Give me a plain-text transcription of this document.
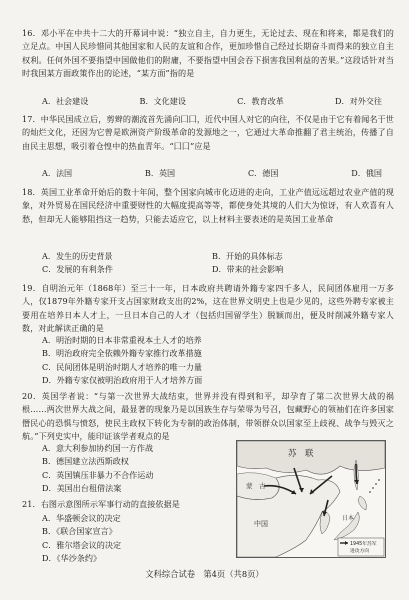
16．邓小平在中共十二大的开幕词中说：“独立自主，自力更生，无论过去、现在和将来，都是我们的立足点。中国人民珍惜同其他国家和人民的友谊和合作，更加珍惜自己经过长期奋斗而得来的独立自主权利。任何外国不要指望中国做他们的附庸，不要指望中国会吞下损害我国利益的苦果。”这段话针对当时我国某方面政策作出的论述，“某方面”指的是
A．社会建设	B．文化建设	C．教育改革	D．对外交往
17．中华民国成立后，剪辫的潮流首先涌向囗囗，近代中国人对它的向往，不仅是由于它有着闻名于世的灿烂文化，还因为它曾是欧洲资产阶级革命的发源地之一，它通过大革命推翻了君主统治，传播了自由民主思想，吸引着仓惶中的热血青年。“囗囗”应是
A．法国	B．英国	C．德国	D．俄国
18．英国工业革命开始后的数十年间，整个国家向城市化迈进的走向，工业产值远远超过农业产值的现象，对外贸易在国民经济中重要财性的大幅度提高等等，都使身处其境的人们大为惊讶，有人欢喜有人愁，但却无人能够阻挡这一趋势，只能去适应它，以上材料主要表述的是英国工业革命
A．发生的历史背景	B．开始的具体标志
C．发展的有利条件	D．带来的社会影响
19．自明治元年（1868年）至三十一年，日本政府共聘请外籍专家四千多人，民间团体雇用一万多人，仅1879年外籍专家开支占国家财政支出的2%，这在世界文明史上也是少见的，这些外聘专家被主要用在培养日本人才上，一旦日本自己的人才（包括归国留学生）脱颖而出，便及时削减外籍专家人数，对此解读正确的是
A．明治时期的日本非常重视本土人才的培养
B．明治政府完全依赖外籍专家推行改革措施
C．民间团体是明治时期人才培养的唯一力量
D．外籍专家仅被明治政府用于人才培养方面
20．英国学者说：“与第一次世界大战结束，世界并没有得到和平，却孕育了第二次世界大战的祸根……两次世界大战之间，最显著的现象乃是以国族生存与荣辱为号召，包藏野心的领袖们在许多国家僭民心的恐惧与愤怒，使民主政权下转化为专制的政治体制，带领群众以国家至上歧视、战争与毁灭之航。”下列史实中，能印证该学者观点的是
A．意大利参加协约国一方作战
B．德国建立法西斯政权
C．英国镇压非暴力不合作运动
D．美国出台租借法案
21．右图示意图所示军事行动的直接依据是
A．华盛顿会议的决定
B．《联合国家宣言》
C．雅尔塔会议的决定
D．《华沙条约》
苏　联
蒙　古
中国
日本
1945年苏军
进攻方向
文科综合试卷　第4页（共8页）
